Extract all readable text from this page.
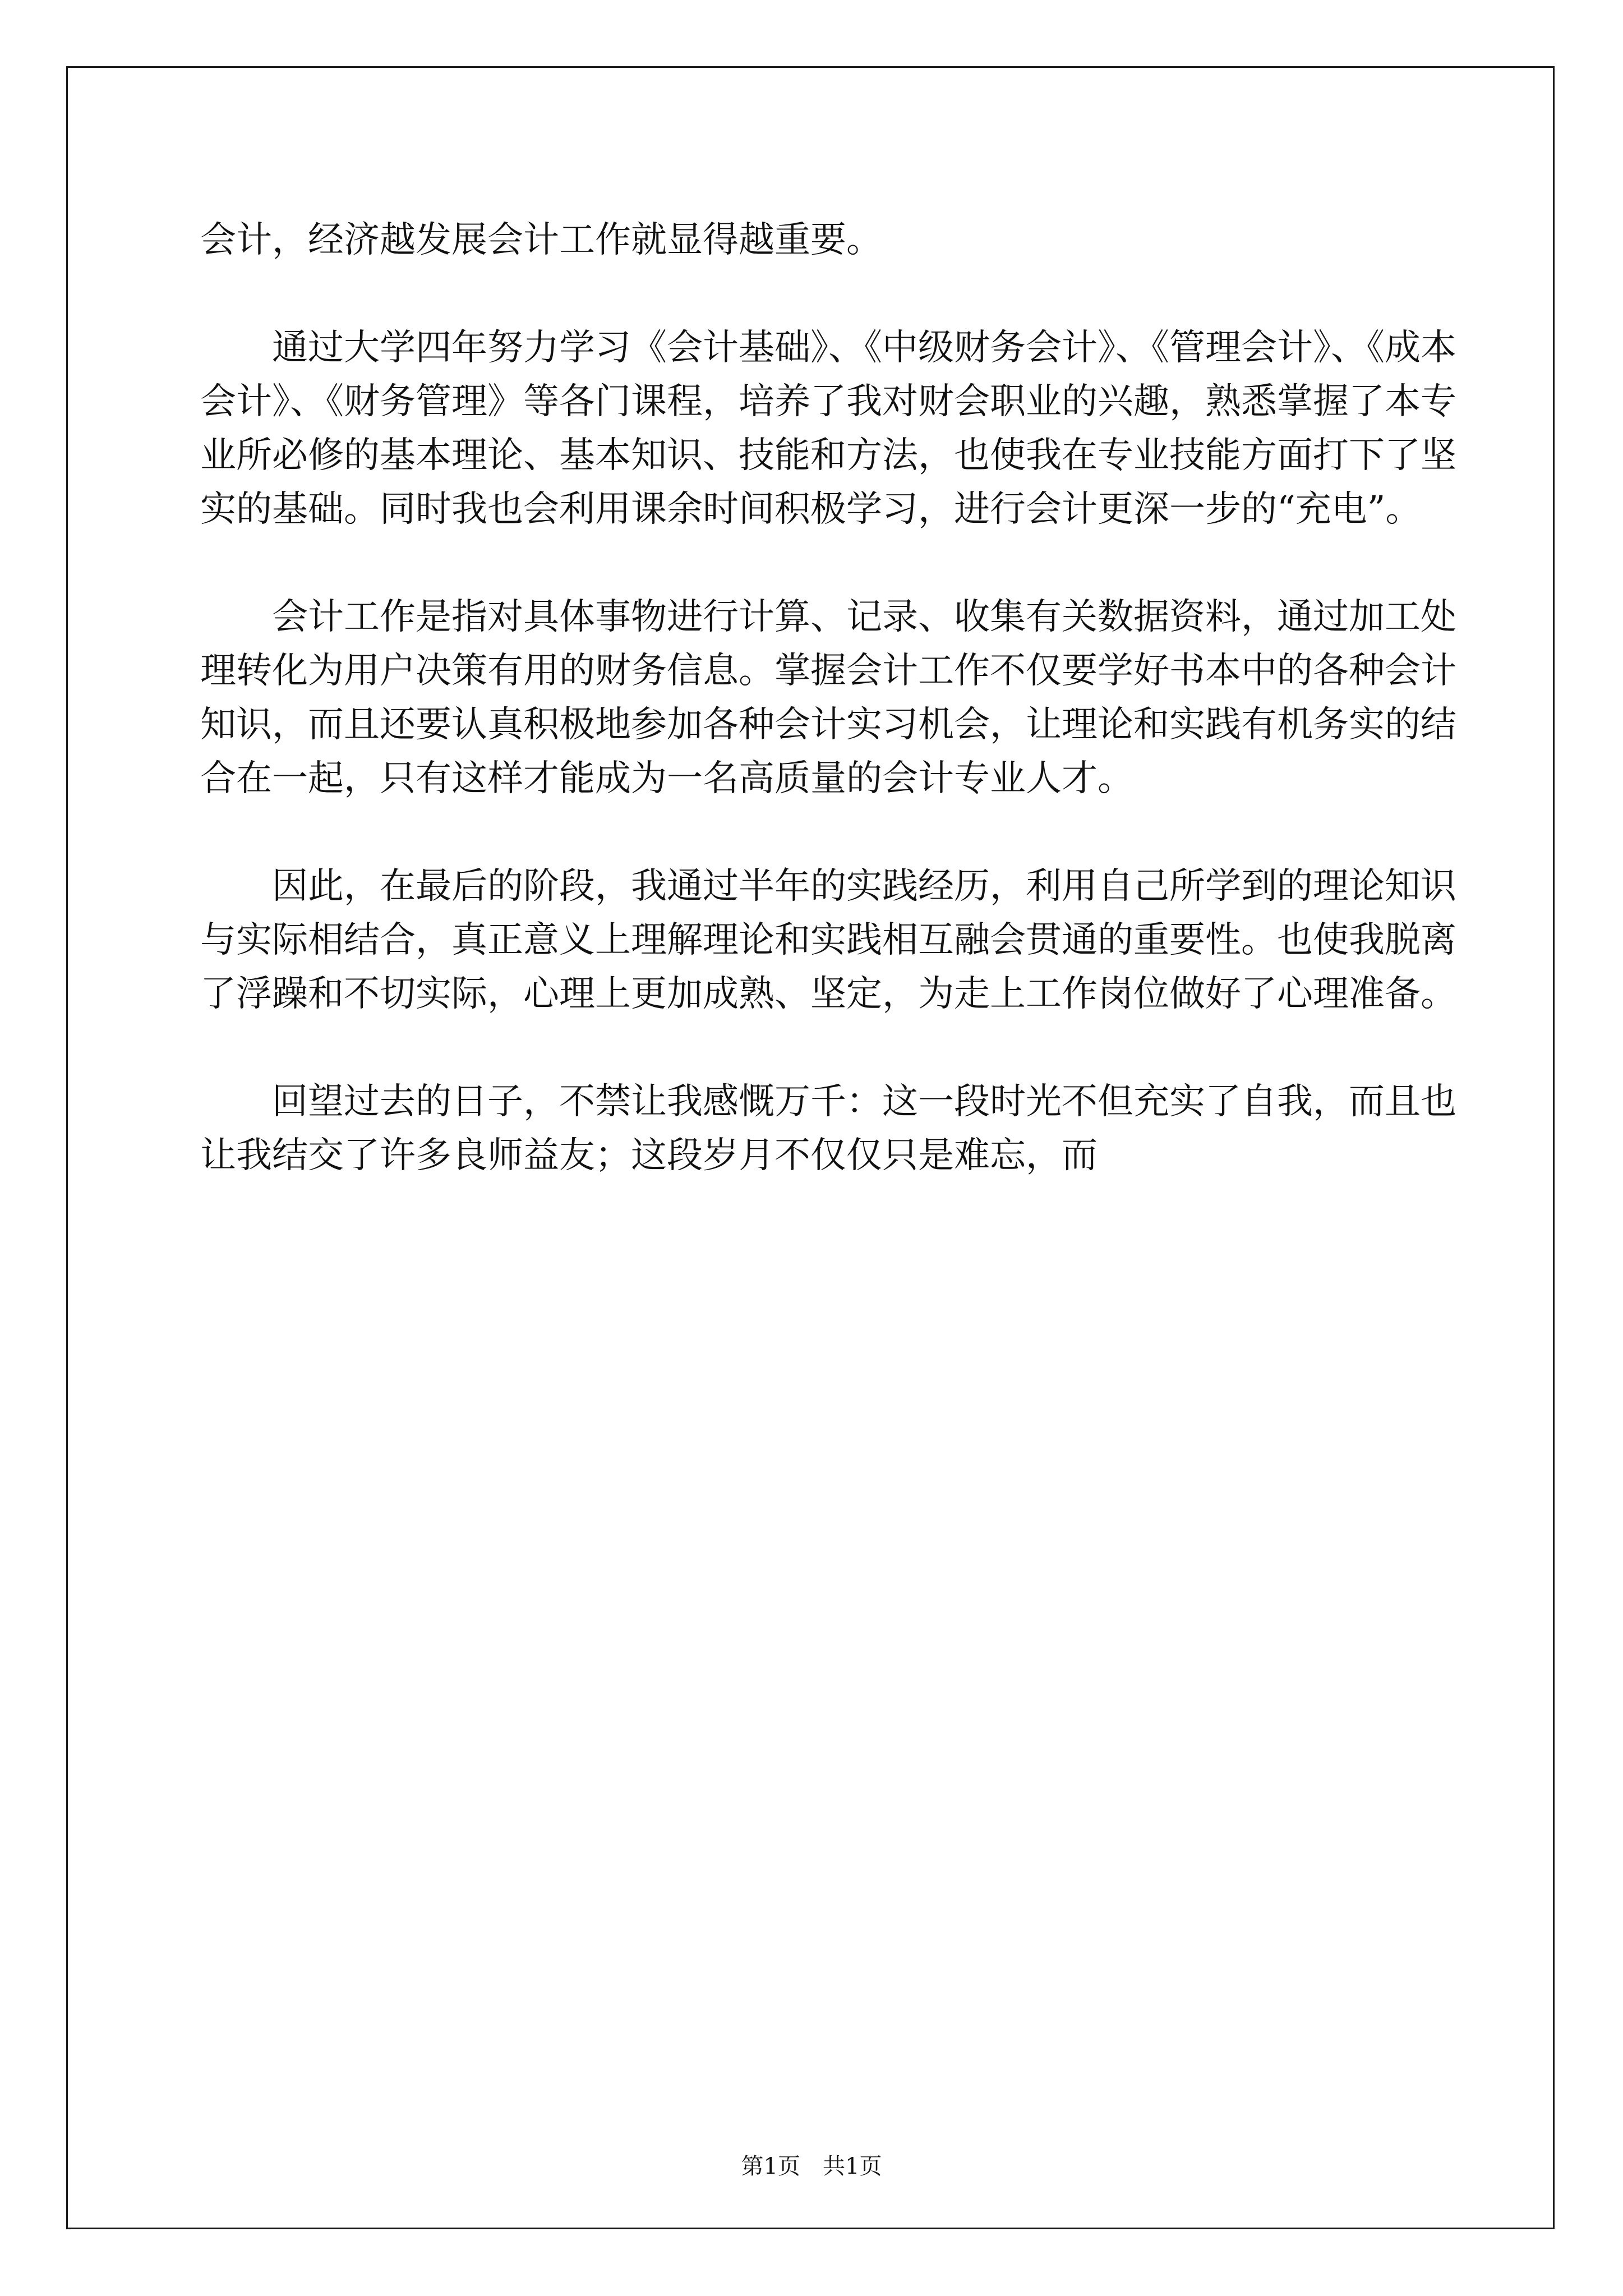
会计，经济越发展会计工作就显得越重要。

通过大学四年努力学习《会计基础》、《中级财务会计》、《管理会计》、《成本会计》、《财务管理》等各门课程，培养了我对财会职业的兴趣，熟悉掌握了本专业所必修的基本理论、基本知识、技能和方法，也使我在专业技能方面打下了坚实的基础。同时我也会利用课余时间积极学习，进行会计更深一步的“充电”。

会计工作是指对具体事物进行计算、记录、收集有关数据资料，通过加工处理转化为用户决策有用的财务信息。掌握会计工作不仅要学好书本中的各种会计知识，而且还要认真积极地参加各种会计实习机会，让理论和实践有机务实的结合在一起，只有这样才能成为一名高质量的会计专业人才。

因此，在最后的阶段，我通过半年的实践经历，利用自己所学到的理论知识与实际相结合，真正意义上理解理论和实践相互融会贯通的重要性。也使我脱离了浮躁和不切实际，心理上更加成熟、坚定，为走上工作岗位做好了心理准备。

回望过去的日子，不禁让我感慨万千：这一段时光不但充实了自我，而且也让我结交了许多良师益友；这段岁月不仅仅只是难忘，而

第1页　共1页
